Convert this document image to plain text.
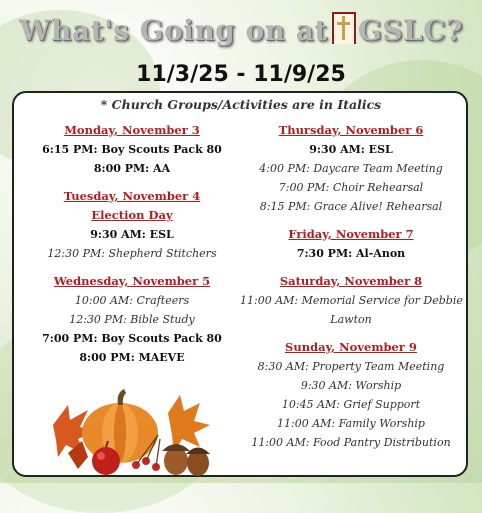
What's Going on at GSLC?
11/3/25 - 11/9/25
* Church Groups/Activities are in Italics
Monday, November 3
6:15 PM: Boy Scouts Pack 80
8:00 PM: AA
Tuesday, November 4
Election Day
9:30 AM: ESL
12:30 PM: Shepherd Stitchers
Wednesday, November 5
10:00 AM: Crafteers
12:30 PM: Bible Study
7:00 PM: Boy Scouts Pack 80
8:00 PM: MAEVE
Thursday, November 6
9:30 AM: ESL
4:00 PM: Daycare Team Meeting
7:00 PM: Choir Rehearsal
8:15 PM: Grace Alive! Rehearsal
Friday, November 7
7:30 PM: Al-Anon
Saturday, November 8
11:00 AM: Memorial Service for Debbie
Lawton
Sunday, November 9
8:30 AM: Property Team Meeting
9:30 AM: Worship
10:45 AM: Grief Support
11:00 AM: Family Worship
11:00 AM: Food Pantry Distribution
